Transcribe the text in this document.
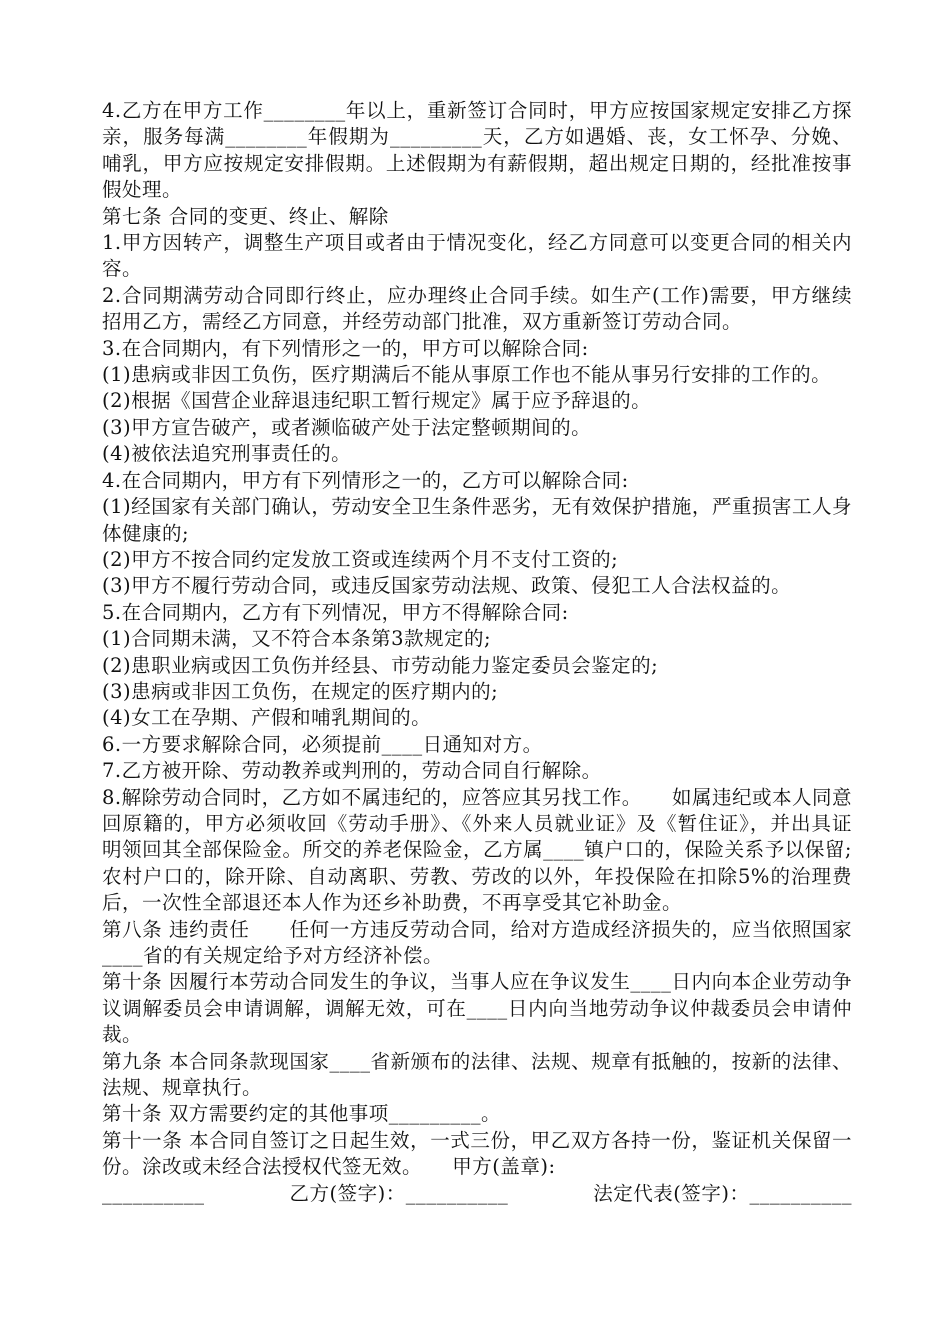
4.乙方在甲方工作________年以上，重新签订合同时，甲方应按国家规定安排乙方探亲，服务每满________年假期为_________天，乙方如遇婚、丧，女工怀孕、分娩、哺乳，甲方应按规定安排假期。上述假期为有薪假期，超出规定日期的，经批准按事假处理。

第七条 合同的变更、终止、解除

1.甲方因转产，调整生产项目或者由于情况变化，经乙方同意可以变更合同的相关内容。

2.合同期满劳动合同即行终止，应办理终止合同手续。如生产(工作)需要，甲方继续招用乙方，需经乙方同意，并经劳动部门批准，双方重新签订劳动合同。

3.在合同期内，有下列情形之一的，甲方可以解除合同:

(1)患病或非因工负伤，医疗期满后不能从事原工作也不能从事另行安排的工作的。

(2)根据《国营企业辞退违纪职工暂行规定》属于应予辞退的。

(3)甲方宣告破产，或者濒临破产处于法定整顿期间的。

(4)被依法追究刑事责任的。

4.在合同期内，甲方有下列情形之一的，乙方可以解除合同:

(1)经国家有关部门确认，劳动安全卫生条件恶劣，无有效保护措施，严重损害工人身体健康的;

(2)甲方不按合同约定发放工资或连续两个月不支付工资的;

(3)甲方不履行劳动合同，或违反国家劳动法规、政策、侵犯工人合法权益的。

5.在合同期内，乙方有下列情况，甲方不得解除合同:

(1)合同期未满，又不符合本条第3款规定的;

(2)患职业病或因工负伤并经县、市劳动能力鉴定委员会鉴定的;

(3)患病或非因工负伤，在规定的医疗期内的;

(4)女工在孕期、产假和哺乳期间的。

6.一方要求解除合同，必须提前____日通知对方。

7.乙方被开除、劳动教养或判刑的，劳动合同自行解除。

8.解除劳动合同时，乙方如不属违纪的，应答应其另找工作。　　如属违纪或本人同意回原籍的，甲方必须收回《劳动手册》、《外来人员就业证》及《暂住证》，并出具证明领回其全部保险金。所交的养老保险金，乙方属____镇户口的，保险关系予以保留;农村户口的，除开除、自动离职、劳教、劳改的以外，年投保险在扣除5%的治理费后，一次性全部退还本人作为还乡补助费，不再享受其它补助金。

第八条 违约责任　　任何一方违反劳动合同，给对方造成经济损失的，应当依照国家____省的有关规定给予对方经济补偿。

第十条 因履行本劳动合同发生的争议，当事人应在争议发生____日内向本企业劳动争议调解委员会申请调解，调解无效，可在____日内向当地劳动争议仲裁委员会申请仲裁。

第九条 本合同条款现国家____省新颁布的法律、法规、规章有抵触的，按新的法律、法规、规章执行。

第十条 双方需要约定的其他事项_________。

第十一条 本合同自签订之日起生效，一式三份，甲乙双方各持一份，鉴证机关保留一份。涂改或未经合法授权代签无效。　　甲方(盖章):

__________	乙方(签字)：__________	法定代表(签字)：__________
